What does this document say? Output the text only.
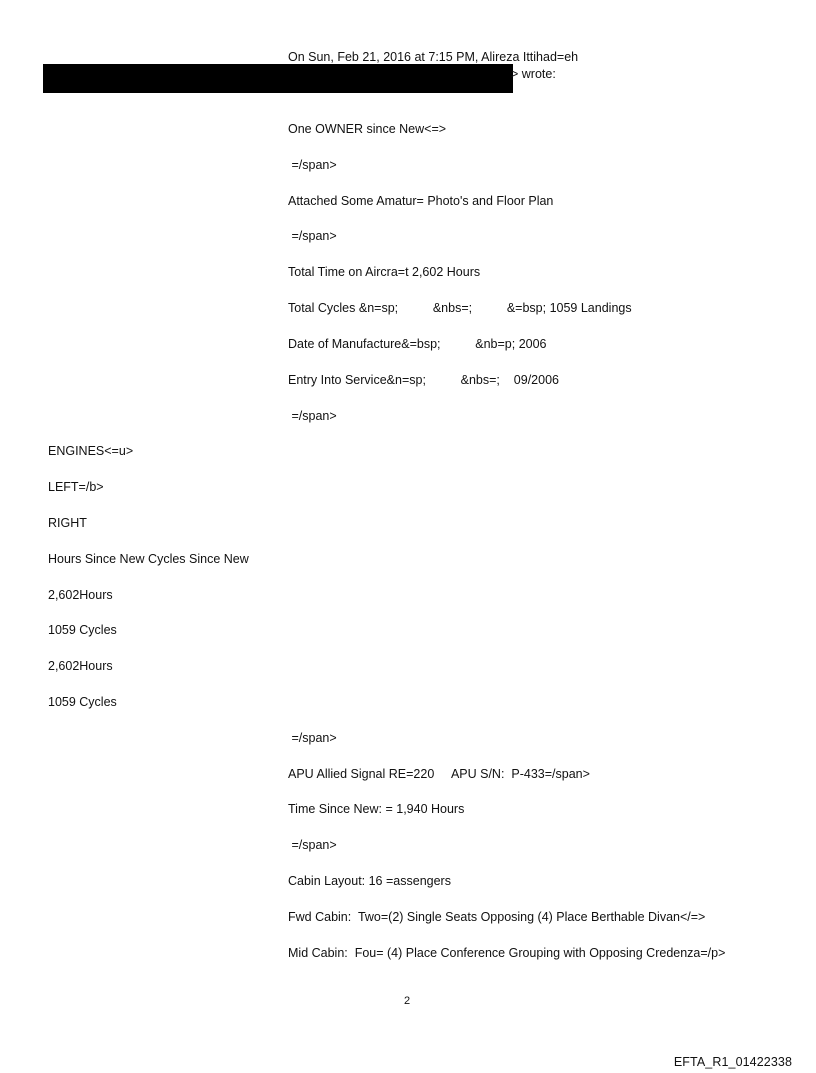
On Sun, Feb 21, 2016 at 7:15 PM, Alireza Ittihad=eh
> wrote:
One OWNER since New<=>
=/span>
Attached Some Amatur= Photo's and Floor Plan
=/span>
Total Time on Aircra=t 2,602 Hours
Total Cycles &n=sp;          &nbs=;          &=bsp; 1059 Landings
Date of Manufacture&=bsp;          &nb=p; 2006
Entry Into Service&n=sp;          &nbs=;    09/2006
=/span>
ENGINES<=u>
LEFT=/b>
RIGHT
Hours Since New Cycles Since New
2,602Hours
1059 Cycles
2,602Hours
1059 Cycles
=/span>
APU Allied Signal RE=220     APU S/N:  P-433=/span>
Time Since New: = 1,940 Hours
=/span>
Cabin Layout: 16 =assengers
Fwd Cabin:  Two=(2) Single Seats Opposing (4) Place Berthable Divan</=>
Mid Cabin:  Fou= (4) Place Conference Grouping with Opposing Credenza=/p>
2
EFTA_R1_01422338
